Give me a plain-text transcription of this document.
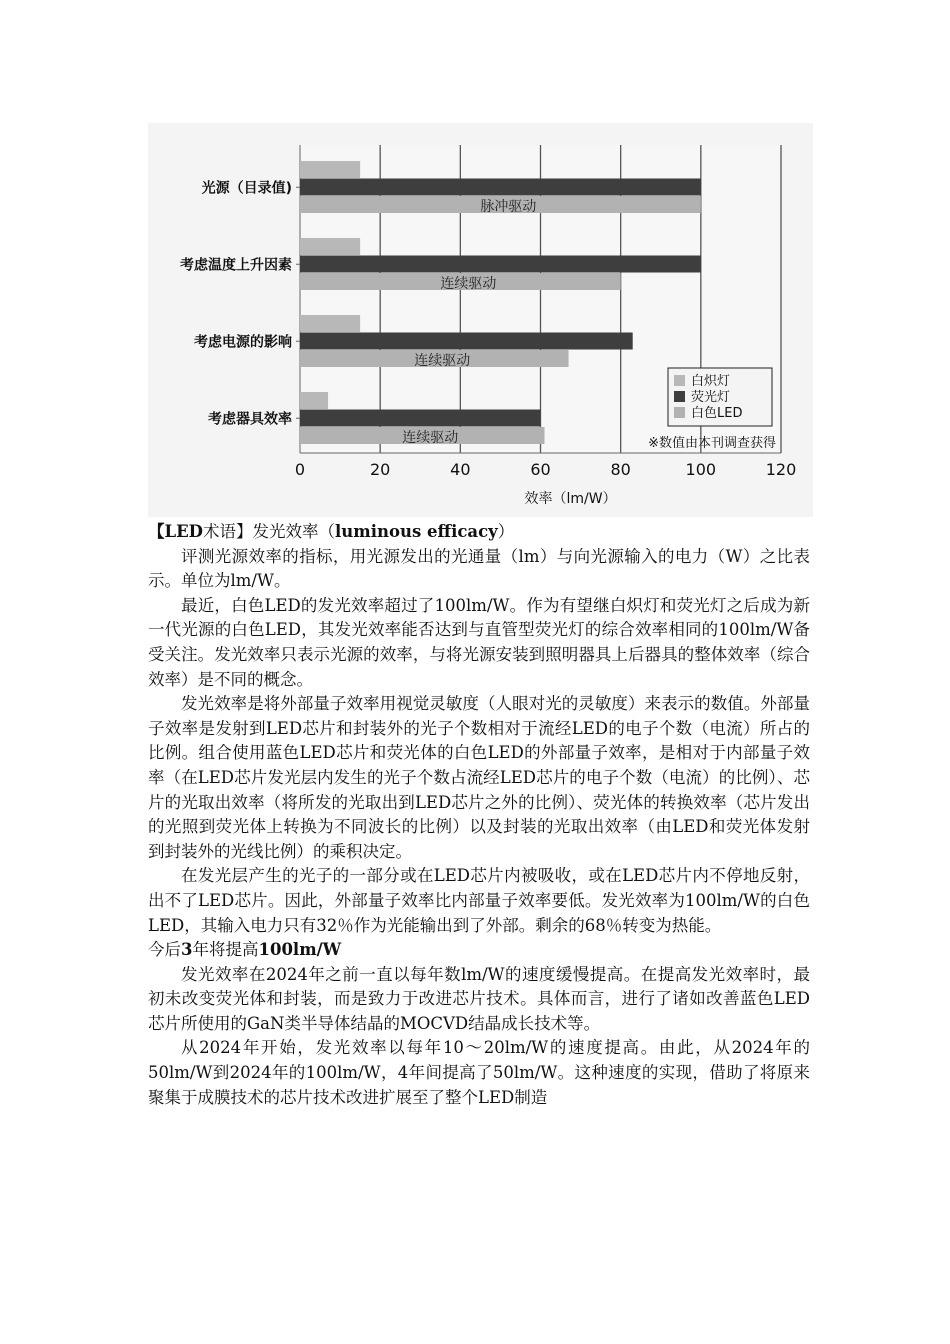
光源（目录值)
脉冲驱动
考虑温度上升因素
连续驱动
考虑电源的影响
连续驱动
考虑器具效率
连续驱动
0	20	40	60	80	100	120
效率（lm/W）
白炽灯
荧光灯
白色LED
※数值由本刊调查获得

【LED术语】发光效率（luminous efficacy）

评测光源效率的指标，用光源发出的光通量（lm）与向光源输入的电力（W）之比表示。单位为lm/W。

最近，白色LED的发光效率超过了100lm/W。作为有望继白炽灯和荧光灯之后成为新一代光源的白色LED，其发光效率能否达到与直管型荧光灯的综合效率相同的100lm/W备受关注。发光效率只表示光源的效率，与将光源安装到照明器具上后器具的整体效率（综合效率）是不同的概念。

发光效率是将外部量子效率用视觉灵敏度（人眼对光的灵敏度）来表示的数值。外部量子效率是发射到LED芯片和封装外的光子个数相对于流经LED的电子个数（电流）所占的比例。组合使用蓝色LED芯片和荧光体的白色LED的外部量子效率，是相对于内部量子效率（在LED芯片发光层内发生的光子个数占流经LED芯片的电子个数（电流）的比例）、芯片的光取出效率（将所发的光取出到LED芯片之外的比例）、荧光体的转换效率（芯片发出的光照到荧光体上转换为不同波长的比例）以及封装的光取出效率（由LED和荧光体发射到封装外的光线比例）的乘积决定。

在发光层产生的光子的一部分或在LED芯片内被吸收，或在LED芯片内不停地反射，出不了LED芯片。因此，外部量子效率比内部量子效率要低。发光效率为100lm/W的白色LED，其输入电力只有32％作为光能输出到了外部。剩余的68％转变为热能。

今后3年将提高100lm/W

发光效率在2024年之前一直以每年数lm/W的速度缓慢提高。在提高发光效率时，最初未改变荧光体和封装，而是致力于改进芯片技术。具体而言，进行了诸如改善蓝色LED芯片所使用的GaN类半导体结晶的MOCVD结晶成长技术等。

从2024年开始，发光效率以每年10～20lm/W的速度提高。由此，从2024年的50lm/W到2024年的100lm/W，4年间提高了50lm/W。这种速度的实现，借助了将原来聚集于成膜技术的芯片技术改进扩展至了整个LED制造
